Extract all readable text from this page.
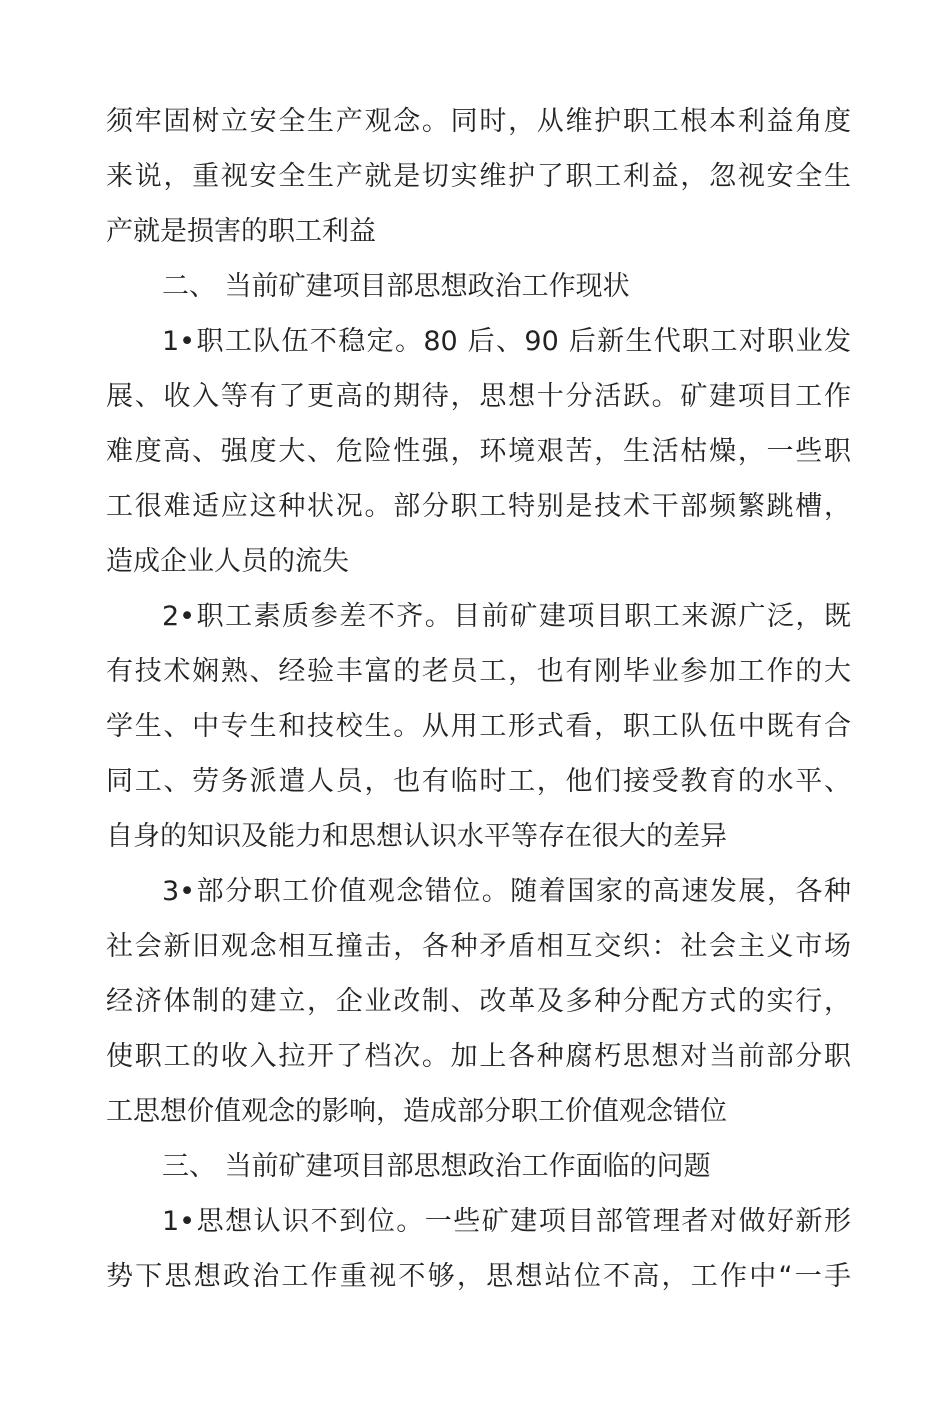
须牢固树立安全生产观念。同时，从维护职工根本利益角度
来说，重视安全生产就是切实维护了职工利益，忽视安全生
产就是损害的职工利益
二、 当前矿建项目部思想政治工作现状
1•职工队伍不稳定。80 后、90 后新生代职工对职业发
展、收入等有了更高的期待，思想十分活跃。矿建项目工作
难度高、强度大、危险性强，环境艰苦，生活枯燥，一些职
工很难适应这种状况。部分职工特别是技术干部频繁跳槽，
造成企业人员的流失
2•职工素质参差不齐。目前矿建项目职工来源广泛，既
有技术娴熟、经验丰富的老员工，也有刚毕业参加工作的大
学生、中专生和技校生。从用工形式看，职工队伍中既有合
同工、劳务派遣人员，也有临时工，他们接受教育的水平、
自身的知识及能力和思想认识水平等存在很大的差异
3•部分职工价值观念错位。随着国家的高速发展，各种
社会新旧观念相互撞击，各种矛盾相互交织：社会主义市场
经济体制的建立，企业改制、改革及多种分配方式的实行，
使职工的收入拉开了档次。加上各种腐朽思想对当前部分职
工思想价值观念的影响，造成部分职工价值观念错位
三、 当前矿建项目部思想政治工作面临的问题
1•思想认识不到位。一些矿建项目部管理者对做好新形
势下思想政治工作重视不够，思想站位不高，工作中“一手
